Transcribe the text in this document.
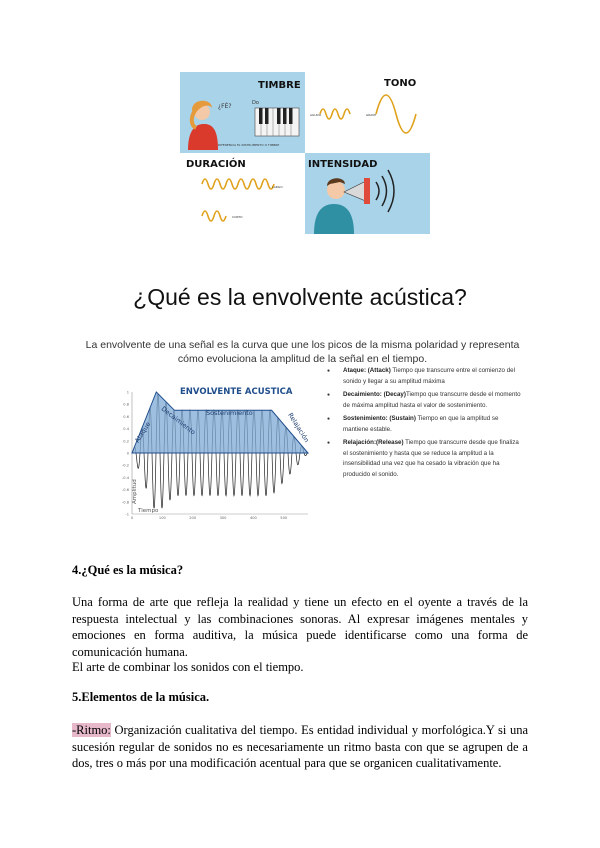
TIMBRE
¿FÉ?	Do
DIFERENCIA EL INSTRUMENTO O TIMBRE
TONO
AGUDO	GRAVE
DURACIÓN
LARGO
CORTO
INTENSIDAD
¿Qué es la envolvente acústica?
La envolvente de una señal es la curva que une los picos de la misma polaridad y representa cómo evoluciona la amplitud de la señal en el tiempo.
1
0.8
0.6
0.4
0.2
0
-0.2
-0.4
-0.6
-0.8
-1
0	100	200	300	400	500
ENVOLVENTE ACUSTICA
Ataque Decaimiento Sostenimiento	Relajación
Amplitud
Tiempo
● Ataque: (Attack) Tiempo que transcurre entre el comienzo del sonido y llegar a su amplitud máxima
● Decaimiento: (Decay)Tiempo que transcurre desde el momento de máxima amplitud hasta el valor de sostenimiento.
● Sostenimiento: (Sustain) Tiempo en que la amplitud se mantiene estable.
● Relajación:(Release) Tiempo que transcurre desde que finaliza el sostenimiento y hasta que se reduce la amplitud a la insensibilidad una vez que ha cesado la vibración que ha producido el sonido.
4.¿Qué es la música?
Una forma de arte que refleja la realidad y tiene un efecto en el oyente a través de la respuesta intelectual y las combinaciones sonoras. Al expresar imágenes mentales y emociones en forma auditiva, la música puede identificarse como una forma de comunicación humana.
El arte de combinar los sonidos con el tiempo.
5.Elementos de la música.
-Ritmo: Organización cualitativa del tiempo. Es entidad individual y morfológica.Y si una sucesión regular de sonidos no es necesariamente un ritmo basta con que se agrupen de a dos, tres o más por una modificación acentual para que se organicen cualitativamente.
